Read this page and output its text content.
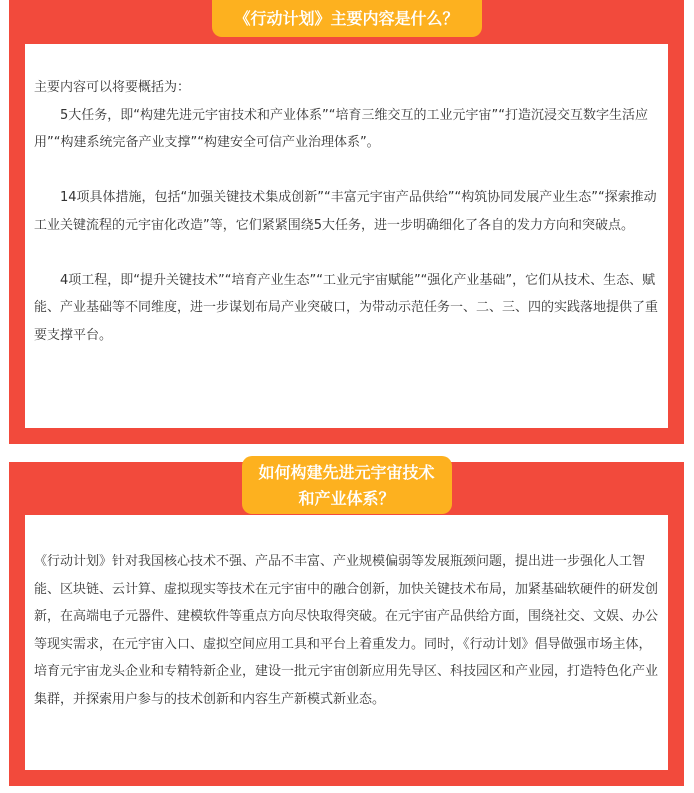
《行动计划》主要内容是什么？

主要内容可以将要概括为：

5大任务，即“构建先进元宇宙技术和产业体系”“培育三维交互的工业元宇宙”“打造沉浸交互数字生活应用”“构建系统完备产业支撑”“构建安全可信产业治理体系”。

14项具体措施，包括“加强关键技术集成创新”“丰富元宇宙产品供给”“构筑协同发展产业生态”“探索推动工业关键流程的元宇宙化改造”等，它们紧紧围绕5大任务，进一步明确细化了各自的发力方向和突破点。

4项工程，即“提升关键技术”“培育产业生态”“工业元宇宙赋能”“强化产业基础”，它们从技术、生态、赋能、产业基础等不同维度，进一步谋划布局产业突破口，为带动示范任务一、二、三、四的实践落地提供了重要支撑平台。

如何构建先进元宇宙技术
和产业体系？

《行动计划》针对我国核心技术不强、产品不丰富、产业规模偏弱等发展瓶颈问题，提出进一步强化人工智能、区块链、云计算、虚拟现实等技术在元宇宙中的融合创新，加快关键技术布局，加紧基础软硬件的研发创新，在高端电子元器件、建模软件等重点方向尽快取得突破。在元宇宙产品供给方面，围绕社交、文娱、办公等现实需求，在元宇宙入口、虚拟空间应用工具和平台上着重发力。同时，《行动计划》倡导做强市场主体，培育元宇宙龙头企业和专精特新企业，建设一批元宇宙创新应用先导区、科技园区和产业园，打造特色化产业集群，并探索用户参与的技术创新和内容生产新模式新业态。
